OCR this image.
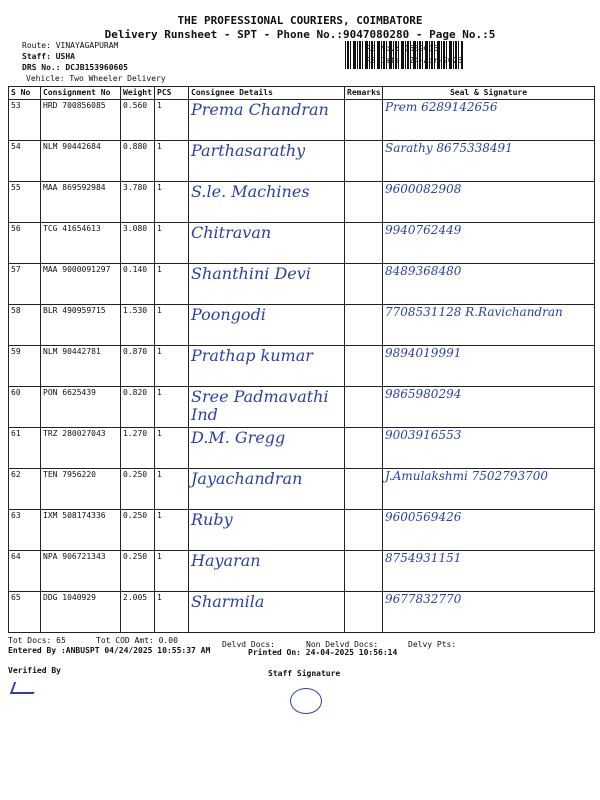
THE PROFESSIONAL COURIERS, COIMBATORE
Delivery Runsheet - SPT - Phone No.:9047080280 - Page No.:5
Route: VINAYAGAPURAM
Staff: USHA
DRS No.: DCJB153960605
Vehicle: Two Wheeler Delivery
RS No.: 1539606
RS Date: 24-Apr-2025
S No	Consignment No	Weight	PCS	Consignee Details	Remarks	Seal & Signature
53	HRD 700856085	0.560	1	Prema Chandran		Prem 6289142656
54	NLM 90442684	0.880	1	Parthasarathy		Sarathy 8675338491
55	MAA 869592984	3.780	1	S.le. Machines		9600082908
56	TCG 41654613	3.080	1	Chitravan		9940762449
57	MAA 9000091297	0.140	1	Shanthini Devi		8489368480
58	BLR 490959715	1.530	1	Poongodi		7708531128 R.Ravichandran
59	NLM 90442781	0.870	1	Prathap kumar		9894019991
60	PON 6625439	0.820	1	Sree Padmavathi Ind		9865980294
61	TRZ 280027043	1.270	1	D.M. Gregg		9003916553
62	TEN 7956220	0.250	1	Jayachandran		J.Amulakshmi 7502793700
63	IXM 508174336	0.250	1	Ruby		9600569426
64	NPA 906721343	0.250	1	Hayaran		8754931151
65	DDG 1040929	2.005	1	Sharmila		9677832770
Tot Docs: 65	Tot COD Amt: 0.00	Delvd Docs:	Non Delvd Docs:	Delvy Pts:
Entered By :ANBUSPT 04/24/2025 10:55:37 AM	Printed On: 24-04-2025 10:56:14
Verified By	Staff Signature
